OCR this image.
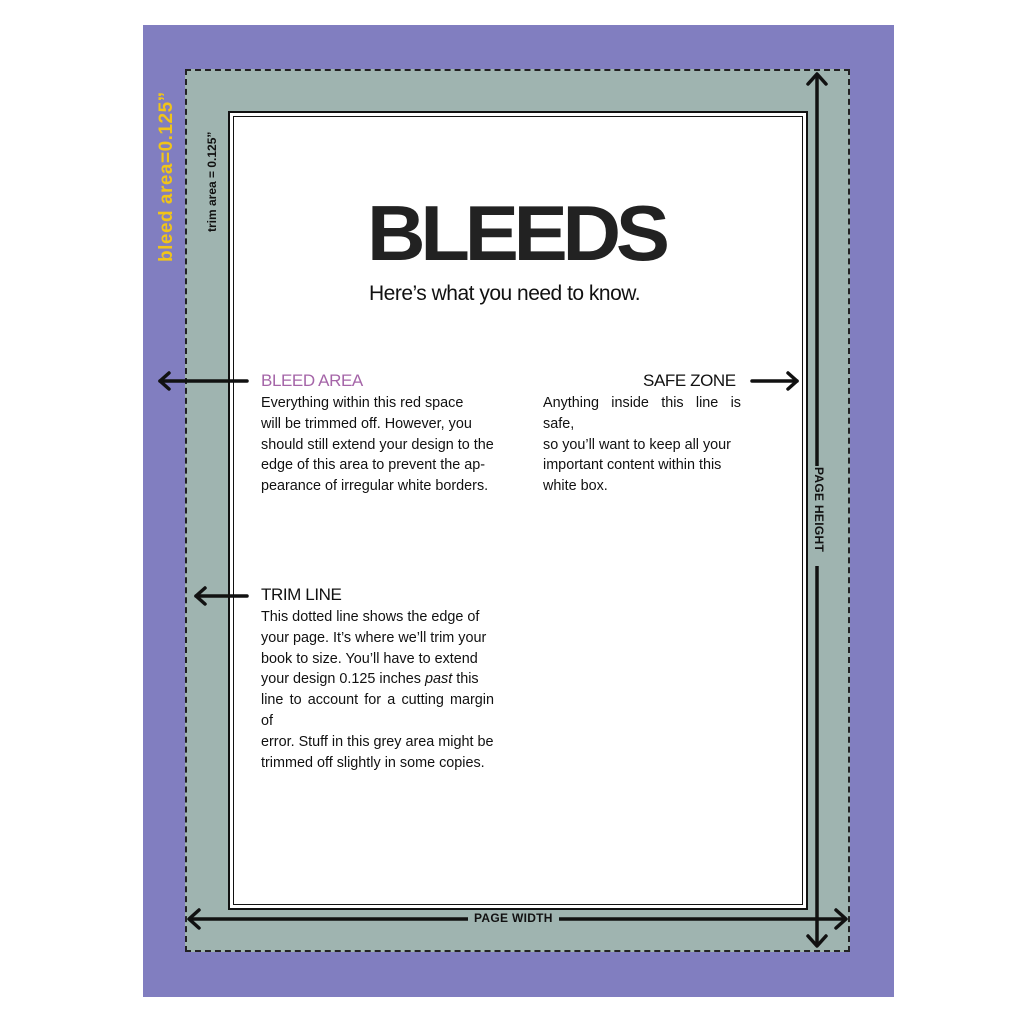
bleed area=0.125” trim area = 0.125”
PAGE HEIGHT
PAGE WIDTH
BLEEDS
Here’s what you need to know.
BLEED AREA
Everything within this red space
will be trimmed off. However, you
should still extend your design to the
edge of this area to prevent the ap-
pearance of irregular white borders.
SAFE ZONE
Anything inside this line is safe,
so you’ll want to keep all your
important content within this
white box.
TRIM LINE
This dotted line shows the edge of
your page. It’s where we’ll trim your
book to size. You’ll have to extend
your design 0.125 inches past this
line to account for a cutting margin of
error. Stuff in this grey area might be
trimmed off slightly in some copies.
